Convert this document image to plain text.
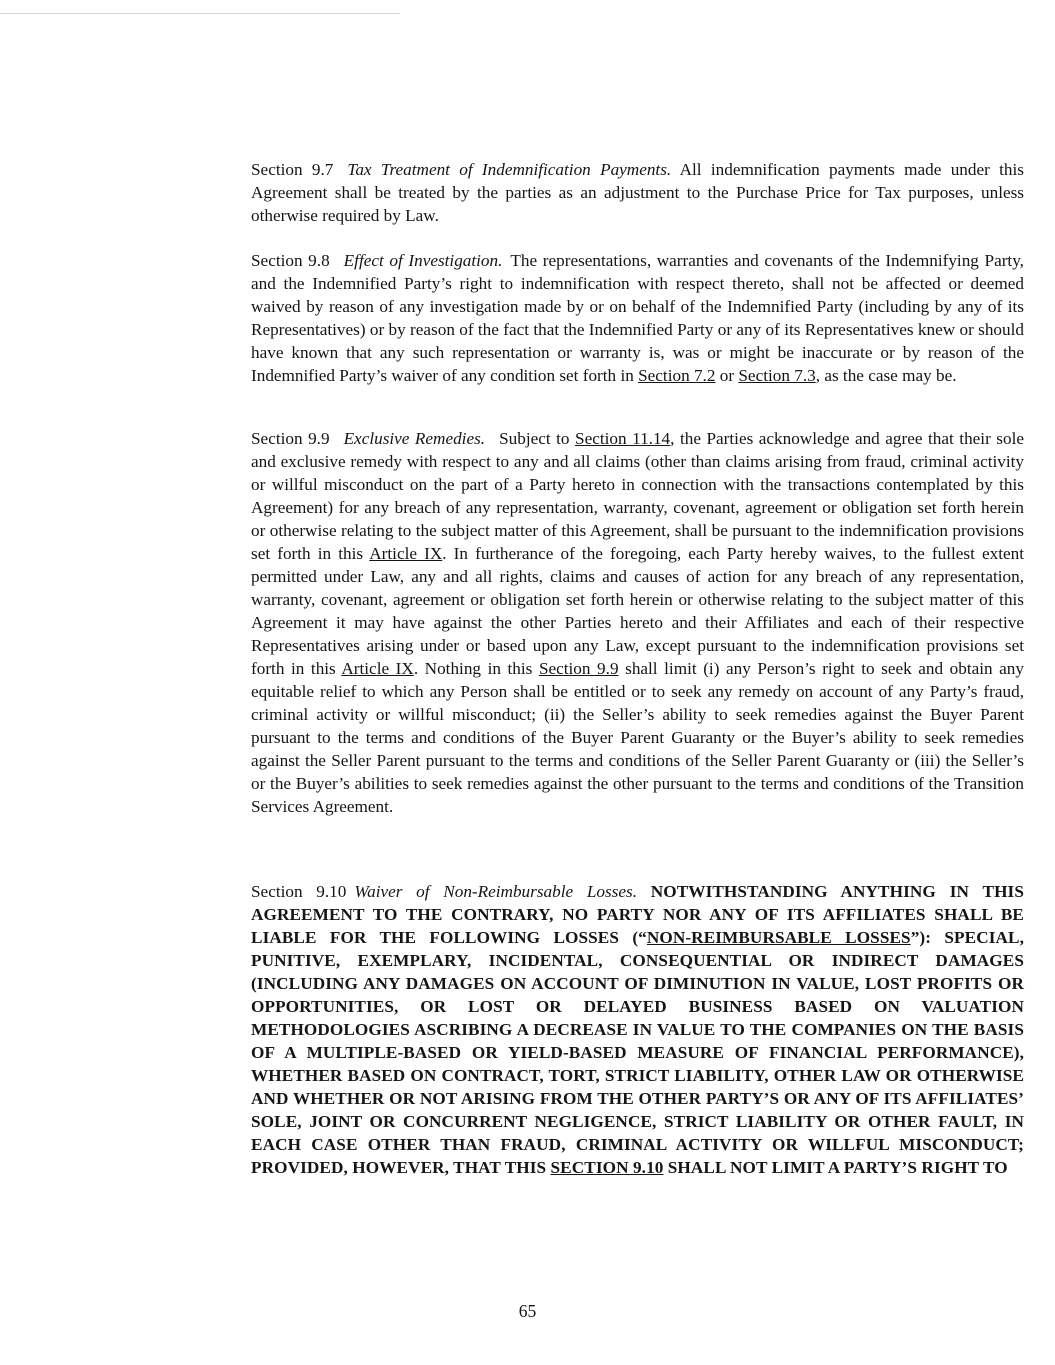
Section 9.7 Tax Treatment of Indemnification Payments. All indemnification payments made under this Agreement shall be treated by the parties as an adjustment to the Purchase Price for Tax purposes, unless otherwise required by Law.

Section 9.8 Effect of Investigation. The representations, warranties and covenants of the Indemnifying Party, and the Indemnified Party’s right to indemnification with respect thereto, shall not be affected or deemed waived by reason of any investigation made by or on behalf of the Indemnified Party (including by any of its Representatives) or by reason of the fact that the Indemnified Party or any of its Representatives knew or should have known that any such representation or warranty is, was or might be inaccurate or by reason of the Indemnified Party’s waiver of any condition set forth in Section 7.2 or Section 7.3, as the case may be.

Section 9.9 Exclusive Remedies. Subject to Section 11.14, the Parties acknowledge and agree that their sole and exclusive remedy with respect to any and all claims (other than claims arising from fraud, criminal activity or willful misconduct on the part of a Party hereto in connection with the transactions contemplated by this Agreement) for any breach of any representation, warranty, covenant, agreement or obligation set forth herein or otherwise relating to the subject matter of this Agreement, shall be pursuant to the indemnification provisions set forth in this Article IX. In furtherance of the foregoing, each Party hereby waives, to the fullest extent permitted under Law, any and all rights, claims and causes of action for any breach of any representation, warranty, covenant, agreement or obligation set forth herein or otherwise relating to the subject matter of this Agreement it may have against the other Parties hereto and their Affiliates and each of their respective Representatives arising under or based upon any Law, except pursuant to the indemnification provisions set forth in this Article IX. Nothing in this Section 9.9 shall limit (i) any Person’s right to seek and obtain any equitable relief to which any Person shall be entitled or to seek any remedy on account of any Party’s fraud, criminal activity or willful misconduct; (ii) the Seller’s ability to seek remedies against the Buyer Parent pursuant to the terms and conditions of the Buyer Parent Guaranty or the Buyer’s ability to seek remedies against the Seller Parent pursuant to the terms and conditions of the Seller Parent Guaranty or (iii) the Seller’s or the Buyer’s abilities to seek remedies against the other pursuant to the terms and conditions of the Transition Services Agreement.

Section 9.10 Waiver of Non-Reimbursable Losses. NOTWITHSTANDING ANYTHING IN THIS AGREEMENT TO THE CONTRARY, NO PARTY NOR ANY OF ITS AFFILIATES SHALL BE LIABLE FOR THE FOLLOWING LOSSES (“NON-REIMBURSABLE LOSSES”): SPECIAL, PUNITIVE, EXEMPLARY, INCIDENTAL, CONSEQUENTIAL OR INDIRECT DAMAGES (INCLUDING ANY DAMAGES ON ACCOUNT OF DIMINUTION IN VALUE, LOST PROFITS OR OPPORTUNITIES, OR LOST OR DELAYED BUSINESS BASED ON VALUATION METHODOLOGIES ASCRIBING A DECREASE IN VALUE TO THE COMPANIES ON THE BASIS OF A MULTIPLE-BASED OR YIELD-BASED MEASURE OF FINANCIAL PERFORMANCE), WHETHER BASED ON CONTRACT, TORT, STRICT LIABILITY, OTHER LAW OR OTHERWISE AND WHETHER OR NOT ARISING FROM THE OTHER PARTY’S OR ANY OF ITS AFFILIATES’ SOLE, JOINT OR CONCURRENT NEGLIGENCE, STRICT LIABILITY OR OTHER FAULT, IN EACH CASE OTHER THAN FRAUD, CRIMINAL ACTIVITY OR WILLFUL MISCONDUCT; PROVIDED, HOWEVER, THAT THIS SECTION 9.10 SHALL NOT LIMIT A PARTY’S RIGHT TO

65
